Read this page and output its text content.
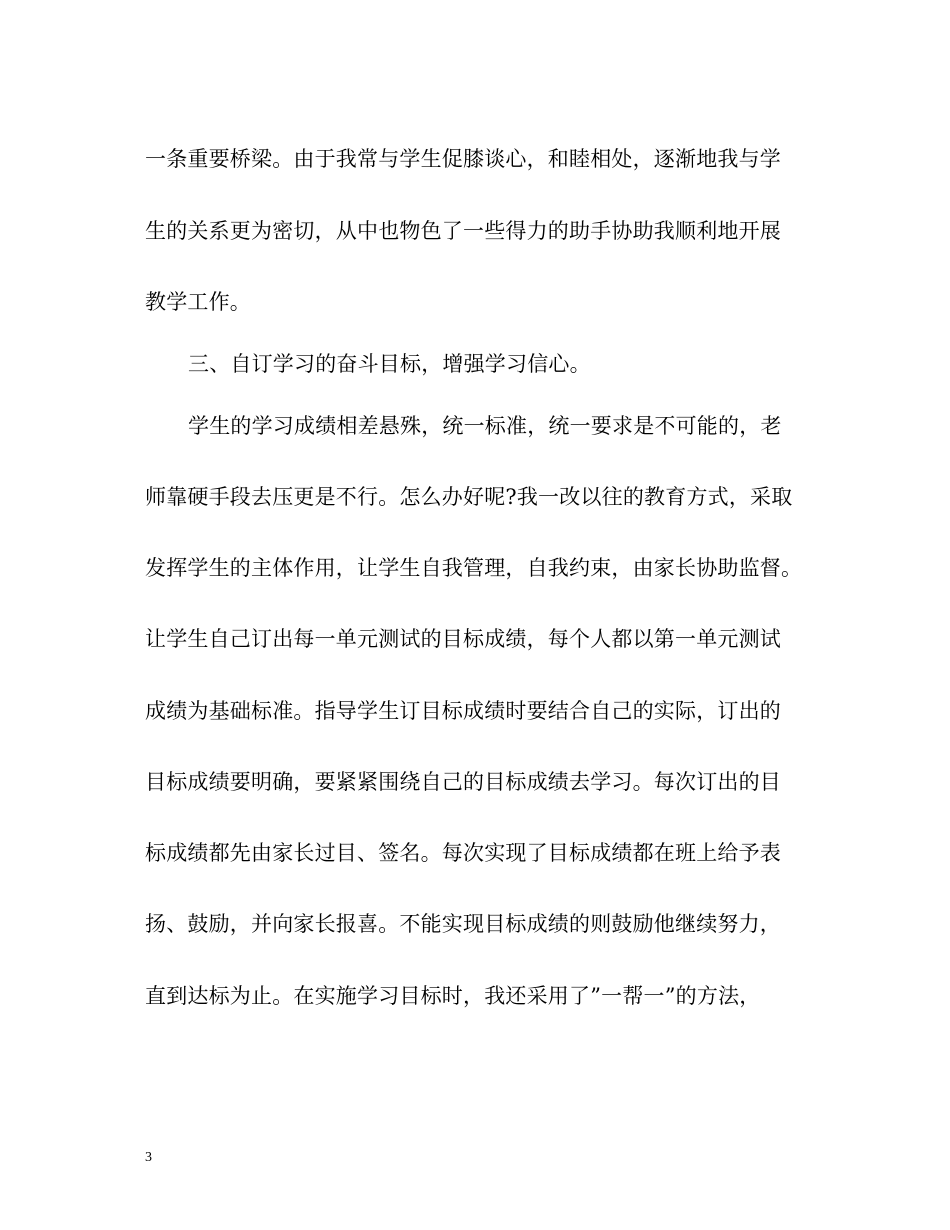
一条重要桥梁。由于我常与学生促膝谈心，和睦相处，逐渐地我与学
生的关系更为密切，从中也物色了一些得力的助手协助我顺利地开展
教学工作。
三、自订学习的奋斗目标，增强学习信心。
学生的学习成绩相差悬殊，统一标准，统一要求是不可能的，老
师靠硬手段去压更是不行。怎么办好呢?我一改以往的教育方式，采取
发挥学生的主体作用，让学生自我管理，自我约束，由家长协助监督。
让学生自己订出每一单元测试的目标成绩，每个人都以第一单元测试
成绩为基础标准。指导学生订目标成绩时要结合自己的实际，订出的
目标成绩要明确，要紧紧围绕自己的目标成绩去学习。每次订出的目
标成绩都先由家长过目、签名。每次实现了目标成绩都在班上给予表
扬、鼓励，并向家长报喜。不能实现目标成绩的则鼓励他继续努力，
直到达标为止。在实施学习目标时，我还采用了”一帮一”的方法，
3
